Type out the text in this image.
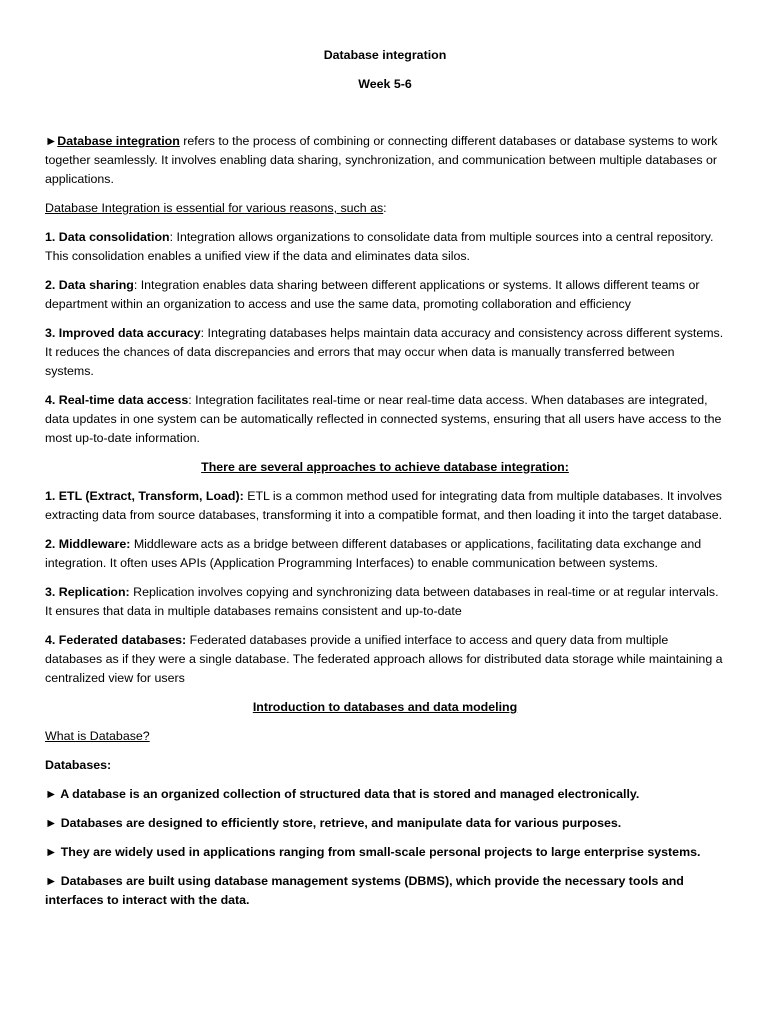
Database integration
Week 5-6

►Database integration refers to the process of combining or connecting different databases or database systems to work together seamlessly. It involves enabling data sharing, synchronization, and communication between multiple databases or applications.

Database Integration is essential for various reasons, such as:

1. Data consolidation: Integration allows organizations to consolidate data from multiple sources into a central repository. This consolidation enables a unified view if the data and eliminates data silos.

2. Data sharing: Integration enables data sharing between different applications or systems. It allows different teams or department within an organization to access and use the same data, promoting collaboration and efficiency

3. Improved data accuracy: Integrating databases helps maintain data accuracy and consistency across different systems. It reduces the chances of data discrepancies and errors that may occur when data is manually transferred between systems.

4. Real-time data access: Integration facilitates real-time or near real-time data access. When databases are integrated, data updates in one system can be automatically reflected in connected systems, ensuring that all users have access to the most up-to-date information.

There are several approaches to achieve database integration:

1. ETL (Extract, Transform, Load): ETL is a common method used for integrating data from multiple databases. It involves extracting data from source databases, transforming it into a compatible format, and then loading it into the target database.

2. Middleware: Middleware acts as a bridge between different databases or applications, facilitating data exchange and integration. It often uses APIs (Application Programming Interfaces) to enable communication between systems.

3. Replication: Replication involves copying and synchronizing data between databases in real-time or at regular intervals. It ensures that data in multiple databases remains consistent and up-to-date

4. Federated databases: Federated databases provide a unified interface to access and query data from multiple databases as if they were a single database. The federated approach allows for distributed data storage while maintaining a centralized view for users

Introduction to databases and data modeling

What is Database?

Databases:

► A database is an organized collection of structured data that is stored and managed electronically.

► Databases are designed to efficiently store, retrieve, and manipulate data for various purposes.

► They are widely used in applications ranging from small-scale personal projects to large enterprise systems.

► Databases are built using database management systems (DBMS), which provide the necessary tools and interfaces to interact with the data.
